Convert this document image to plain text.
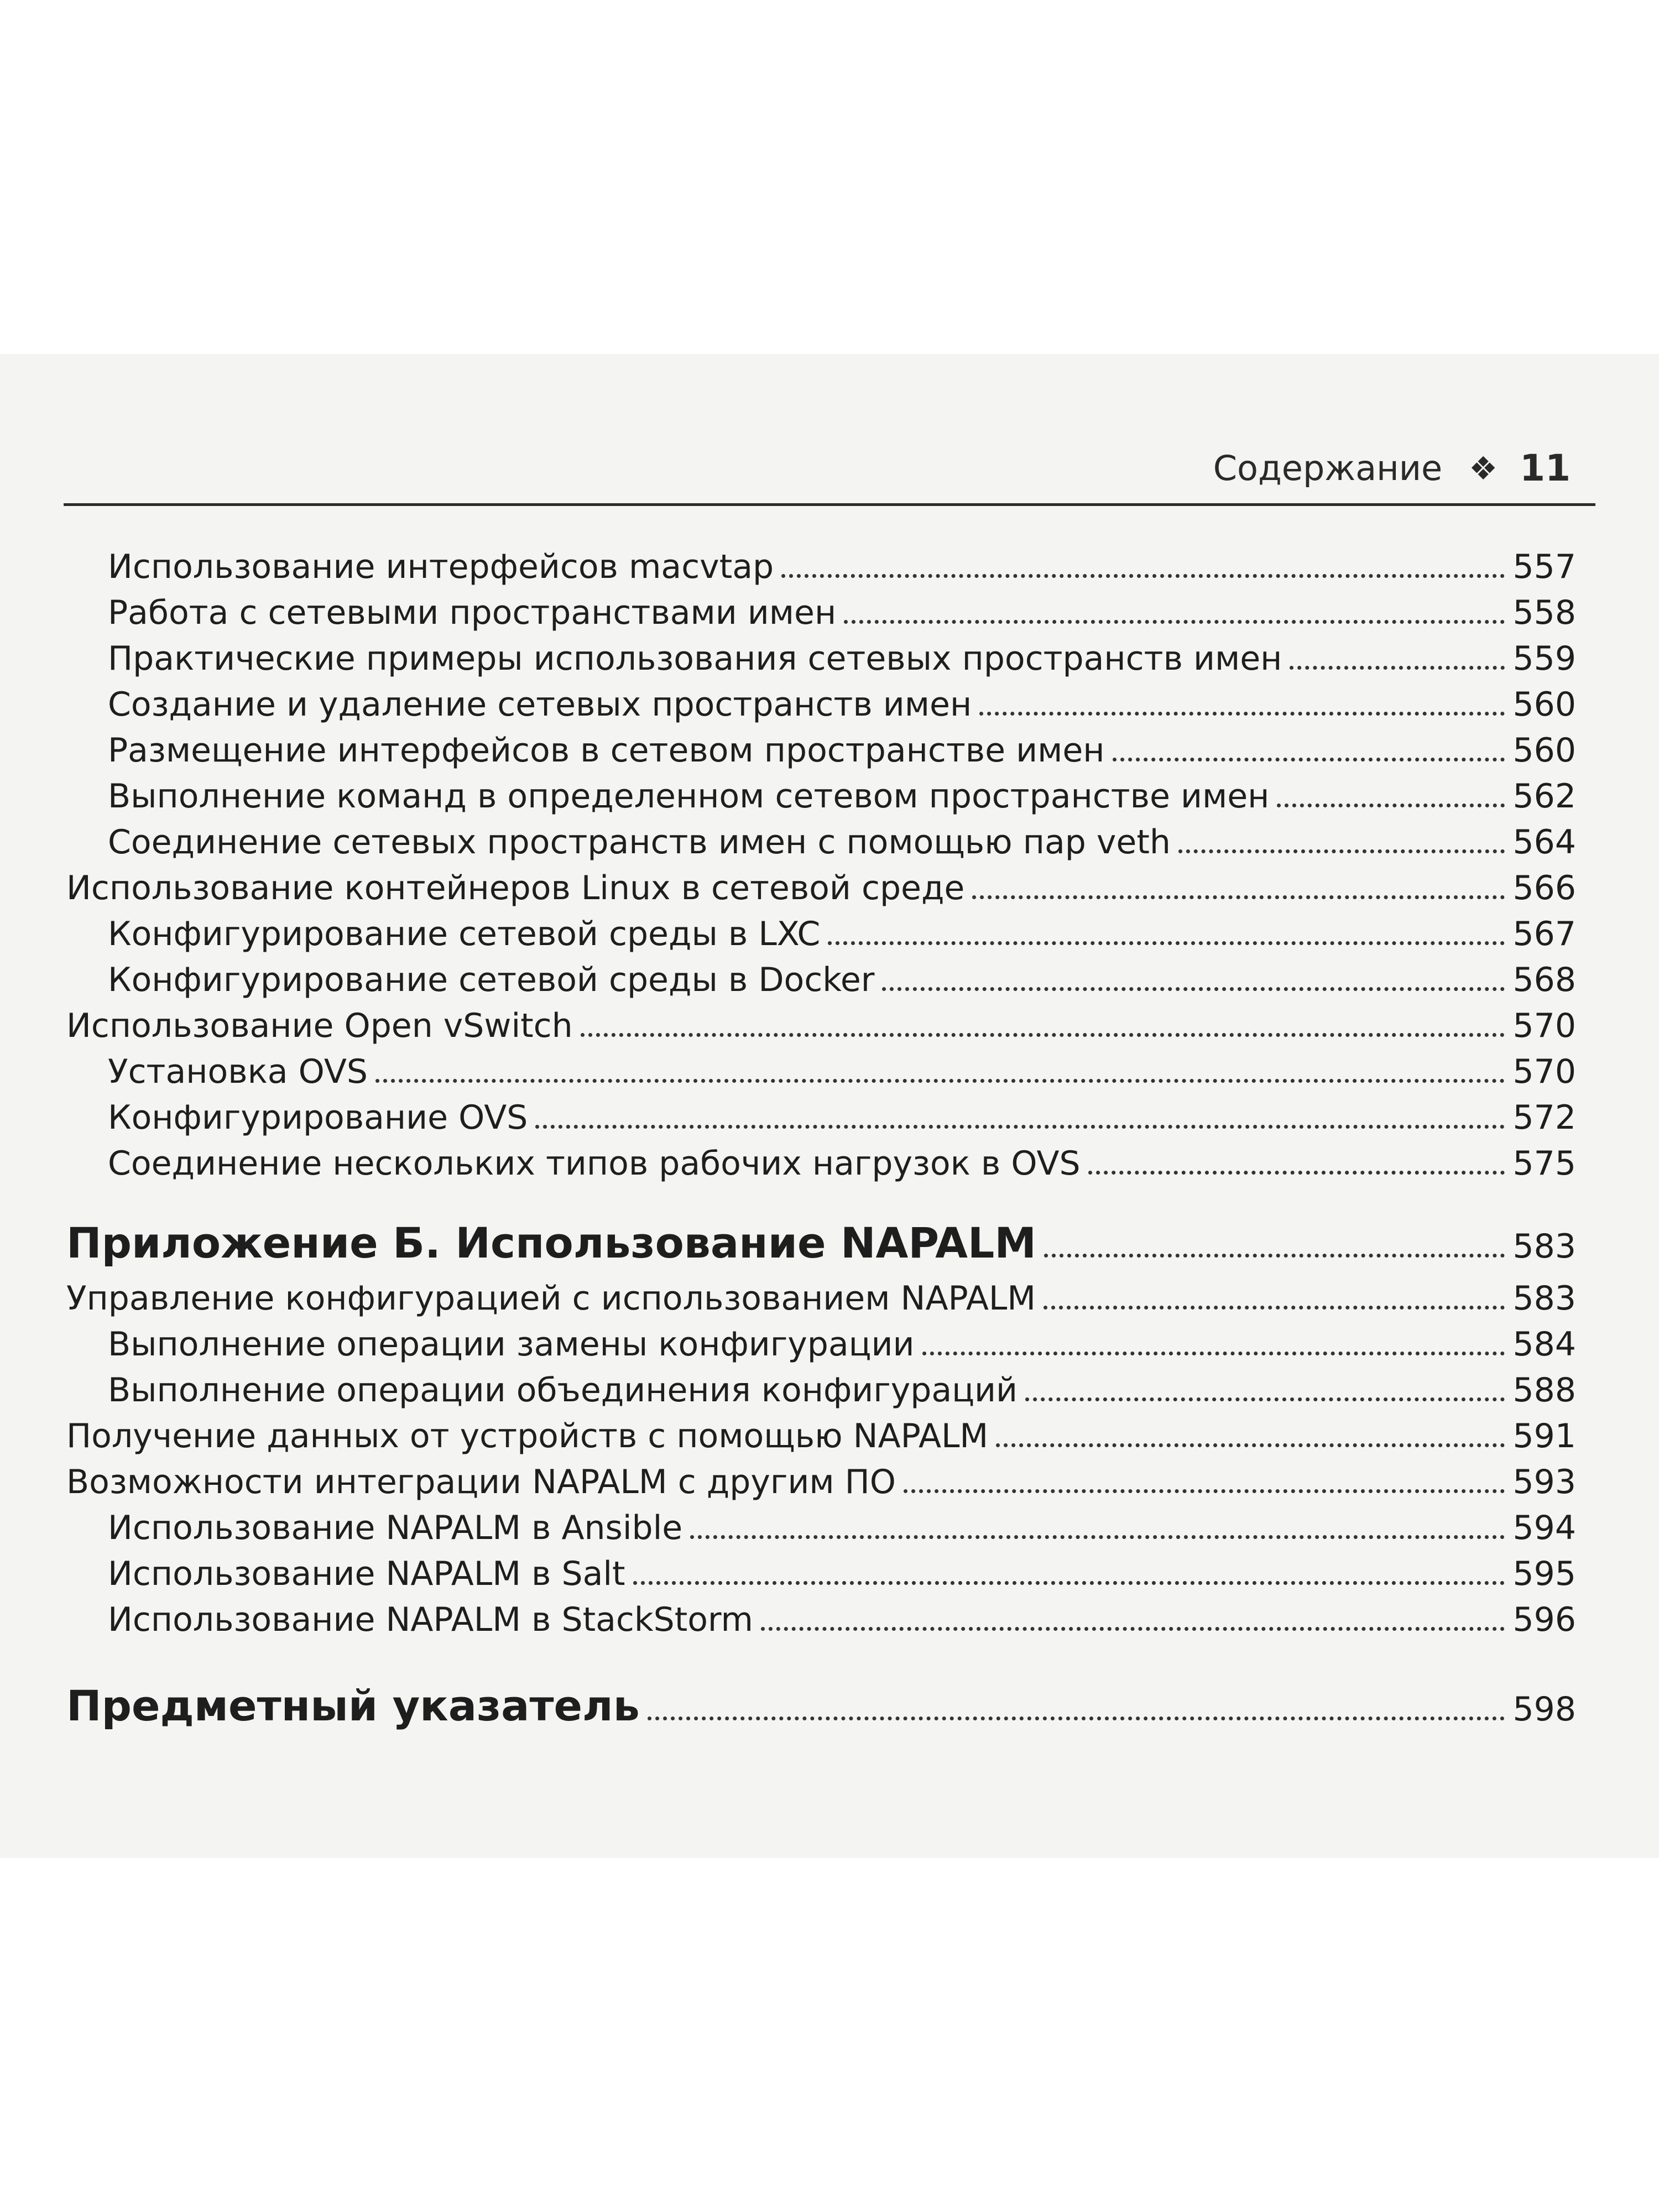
Содержание ❖ 11
Использование интерфейсов macvtap	557
Работа с сетевыми пространствами имен	558
Практические примеры использования сетевых пространств имен	559
Создание и удаление сетевых пространств имен	560
Размещение интерфейсов в сетевом пространстве имен	560
Выполнение команд в определенном сетевом пространстве имен	562
Соединение сетевых пространств имен с помощью пар veth	564
Использование контейнеров Linux в сетевой среде	566
Конфигурирование сетевой среды в LXC	567
Конфигурирование сетевой среды в Docker	568
Использование Open vSwitch	570
Установка OVS	570
Конфигурирование OVS	572
Соединение нескольких типов рабочих нагрузок в OVS	575
Приложение Б. Использование NAPALM	583
Управление конфигурацией с использованием NAPALM	583
Выполнение операции замены конфигурации	584
Выполнение операции объединения конфигураций	588
Получение данных от устройств с помощью NAPALM	591
Возможности интеграции NAPALM с другим ПО	593
Использование NAPALM в Ansible	594
Использование NAPALM в Salt	595
Использование NAPALM в StackStorm	596
Предметный указатель	598
